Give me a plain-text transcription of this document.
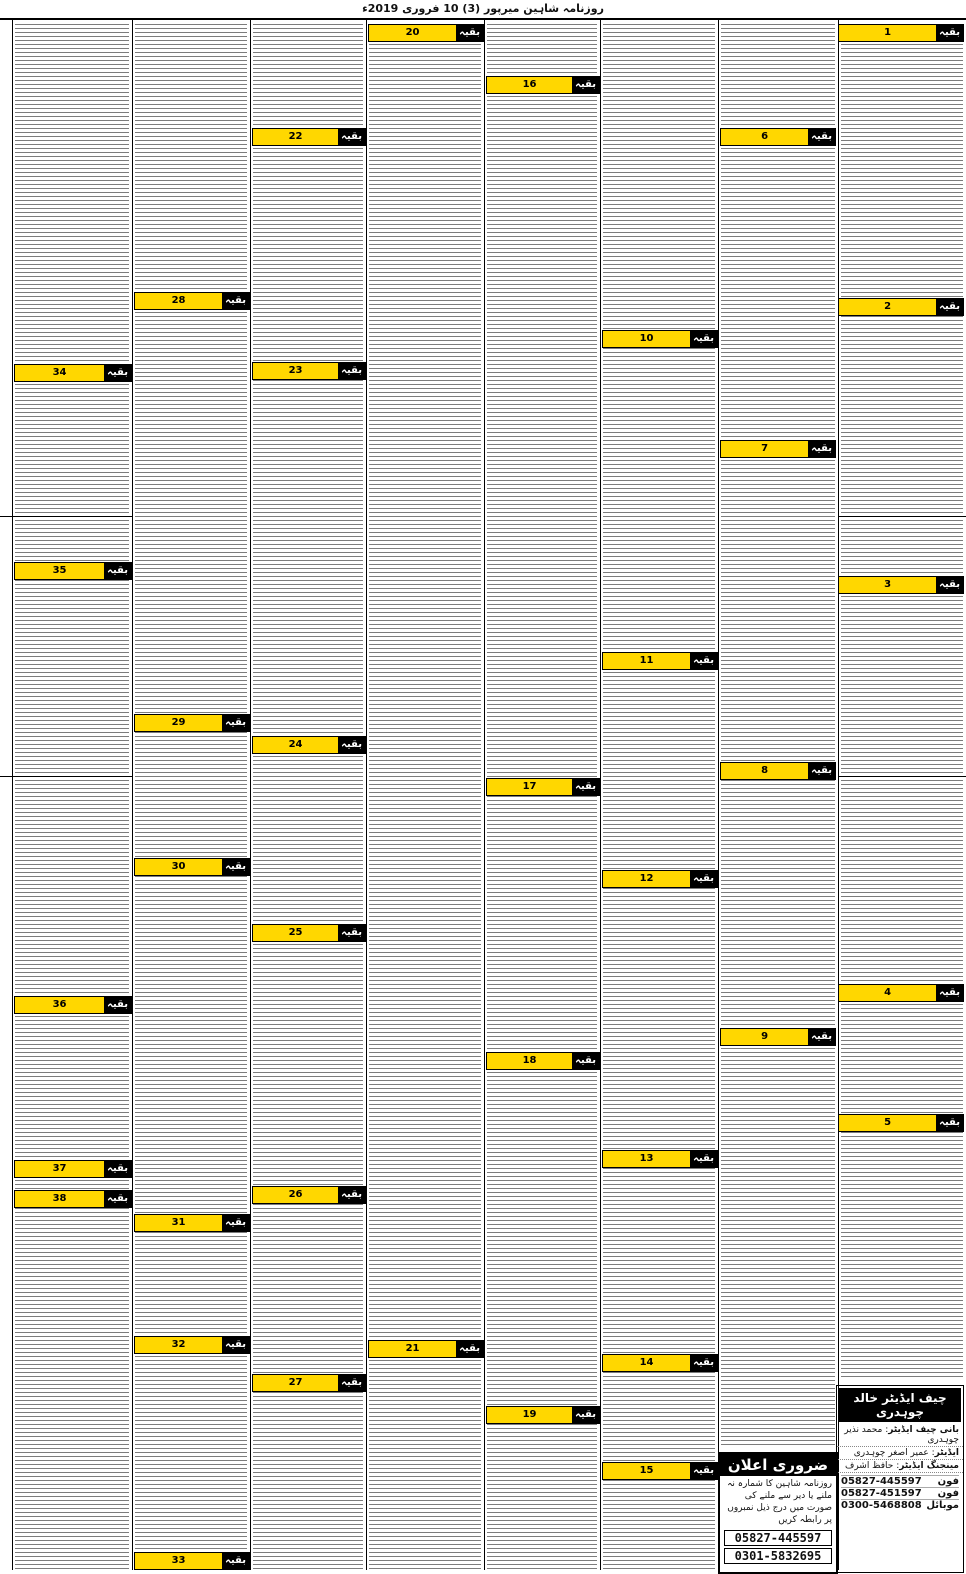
روزنامہ شاہین میرپور (3) 10 فروری 2019ء
بقیہ
1
بقیہ
2
بقیہ
3
بقیہ
4
بقیہ
5
بقیہ
6
بقیہ
7
بقیہ
8
بقیہ
9
بقیہ
10
بقیہ
11
بقیہ
12
بقیہ
13
بقیہ
14
بقیہ
15
بقیہ
16
بقیہ
17
بقیہ
18
بقیہ
19
بقیہ
20
بقیہ
21
بقیہ
22
بقیہ
23
بقیہ
24
بقیہ
25
بقیہ
26
بقیہ
27
بقیہ
28
بقیہ
29
بقیہ
30
بقیہ
31
بقیہ
32
بقیہ
33
بقیہ
34
بقیہ
35
بقیہ
36
بقیہ
37
بقیہ
38
چیف ایڈیٹر خالد چوہدری
بانی چیف ایڈیٹر: محمد نذیر چوہدری
ایڈیٹر: عمیر اصغر چوہدری
مینجنگ ایڈیٹر: حافظ اشرف
05827-445597 فون
05827-451597 فون
0300-5468808 موبائل
ضروری اعلان
روزنامہ شاہین کا شمارہ نہ ملنے یا دیر سے ملنے کی صورت میں درج ذیل نمبروں پر رابطہ کریں
05827-445597
0301-5832695
